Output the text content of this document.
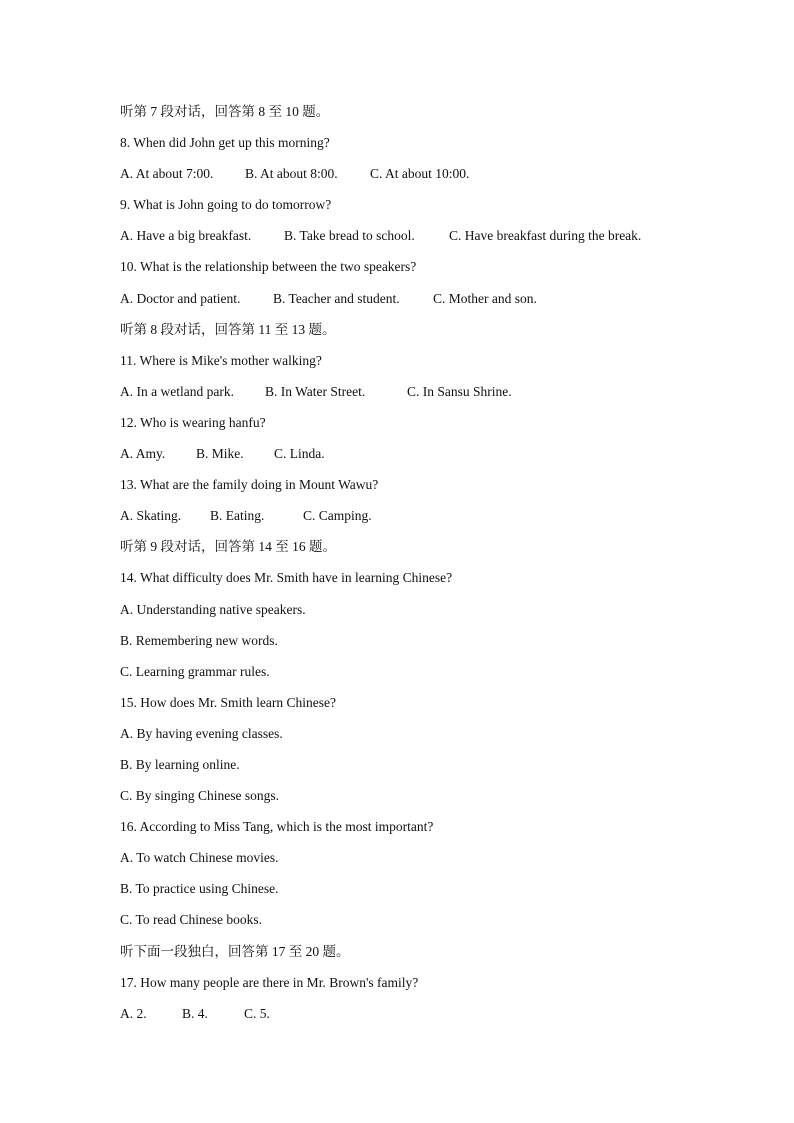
听第 7 段对话，回答第 8 至 10 题。
8. When did John get up this morning?
A. At about 7:00.	B. At about 8:00.	C. At about 10:00.
9. What is John going to do tomorrow?
A. Have a big breakfast.	B. Take bread to school.	C. Have breakfast during the break.
10. What is the relationship between the two speakers?
A. Doctor and patient.	B. Teacher and student.	C. Mother and son.
听第 8 段对话，回答第 11 至 13 题。
11. Where is Mike's mother walking?
A. In a wetland park.	B. In Water Street.	C. In Sansu Shrine.
12. Who is wearing hanfu?
A. Amy.	B. Mike.	C. Linda.
13. What are the family doing in Mount Wawu?
A. Skating.	B. Eating.	C. Camping.
听第 9 段对话，回答第 14 至 16 题。
14. What difficulty does Mr. Smith have in learning Chinese?
A. Understanding native speakers.
B. Remembering new words.
C. Learning grammar rules.
15. How does Mr. Smith learn Chinese?
A. By having evening classes.
B. By learning online.
C. By singing Chinese songs.
16. According to Miss Tang, which is the most important?
A. To watch Chinese movies.
B. To practice using Chinese.
C. To read Chinese books.
听下面一段独白，回答第 17 至 20 题。
17. How many people are there in Mr. Brown's family?
A. 2.	B. 4.	C. 5.
